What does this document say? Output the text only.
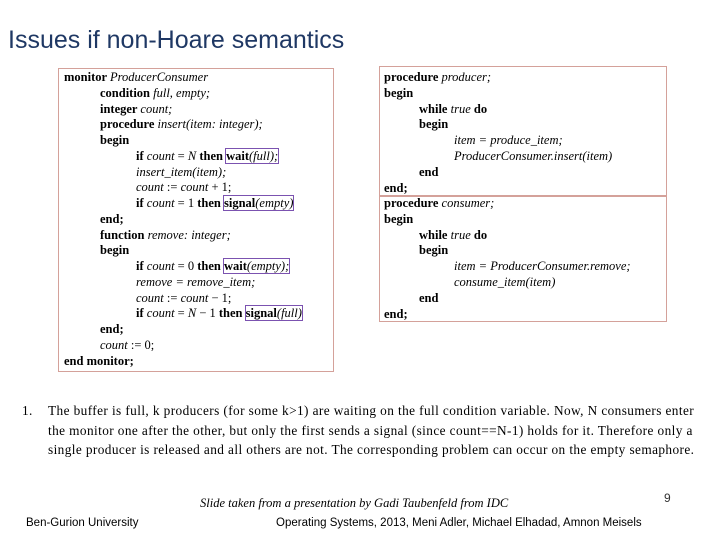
Issues if non-Hoare semantics
monitor ProducerConsumer
condition full, empty;
integer count;
procedure insert(item: integer);
begin
if count = N then wait(full);
insert_item(item);
count := count + 1;
if count = 1 then signal(empty)
end;
function remove: integer;
begin
if count = 0 then wait(empty);
remove = remove_item;
count := count − 1;
if count = N − 1 then signal(full)
end;
count := 0;
end monitor;
procedure producer;
begin
while true do
begin
item = produce_item;
ProducerConsumer.insert(item)
end
end;
procedure consumer;
begin
while true do
begin
item = ProducerConsumer.remove;
consume_item(item)
end
end;
1. The buffer is full, k producers (for some k>1) are waiting on the full condition variable. Now, N consumers enter the monitor one after the other, but only the first sends a signal (since count==N-1) holds for it. Therefore only a single producer is released and all others are not. The corresponding problem can occur on the empty semaphore.
Slide taken from a presentation by Gadi Taubenfeld from IDC	9
Ben-Gurion University	Operating Systems, 2013, Meni Adler, Michael Elhadad, Amnon Meisels
